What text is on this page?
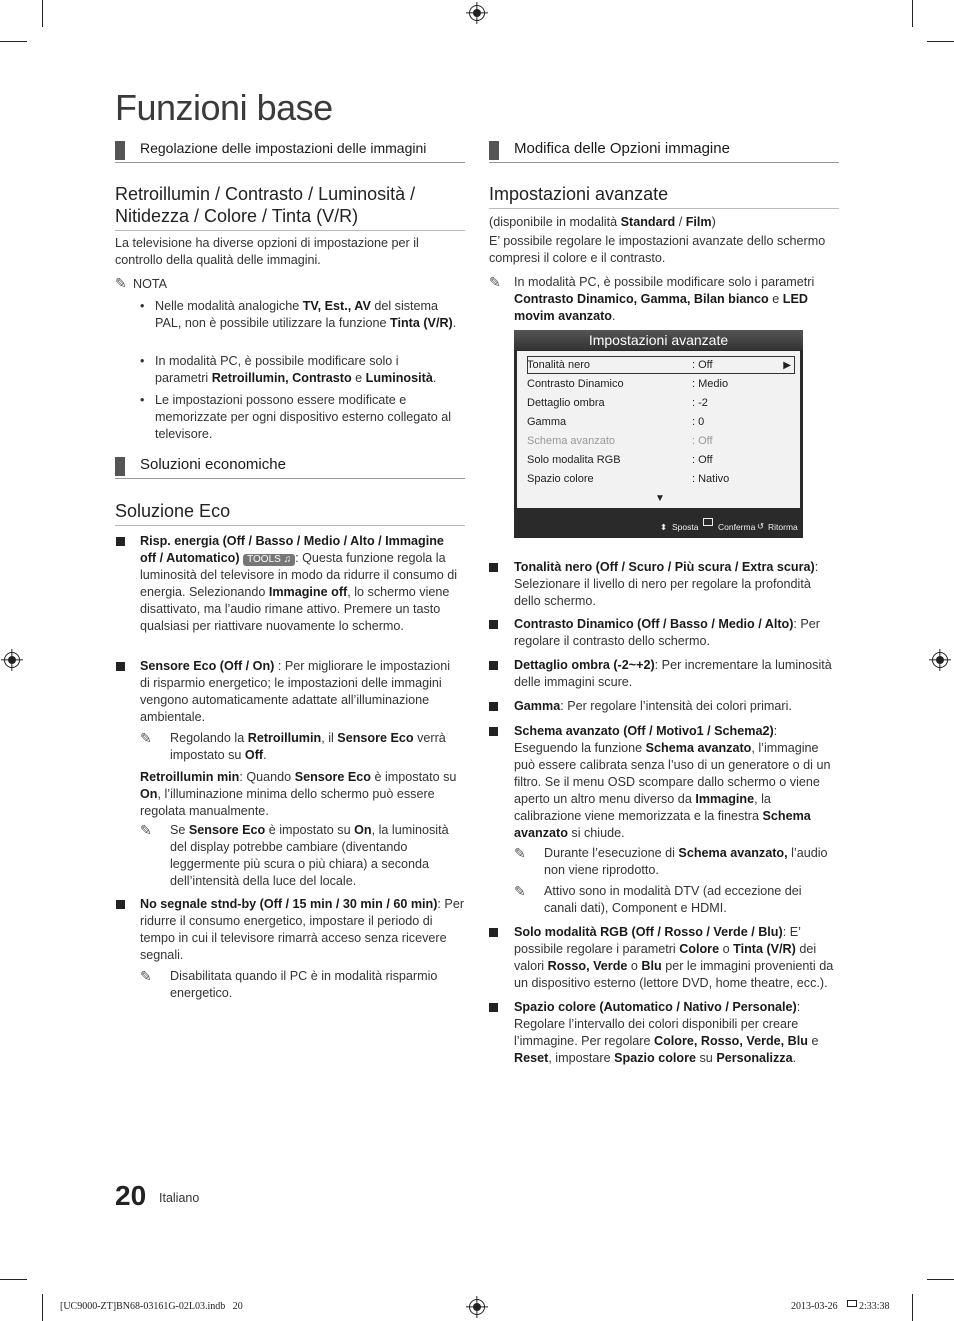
Funzioni base
Regolazione delle impostazioni delle immagini
Retroillumin / Contrasto / Luminosità /
Nitidezza / Colore / Tinta (V/R)
La televisione ha diverse opzioni di impostazione per il controllo della qualità delle immagini.
✎ NOTA
• Nelle modalità analogiche TV, Est., AV del sistema PAL, non è possibile utilizzare la funzione Tinta (V/R).
• In modalità PC, è possibile modificare solo i parametri Retroillumin, Contrasto e Luminosità.
• Le impostazioni possono essere modificate e memorizzate per ogni dispositivo esterno collegato al televisore.
Soluzioni economiche
Soluzione Eco
Risp. energia (Off / Basso / Medio / Alto / Immagine off / Automatico) TOOLS ♫ : Questa funzione regola la luminosità del televisore in modo da ridurre il consumo di energia. Selezionando Immagine off, lo schermo viene disattivato, ma l’audio rimane attivo. Premere un tasto qualsiasi per riattivare nuovamente lo schermo.
Sensore Eco (Off / On) : Per migliorare le impostazioni di risparmio energetico; le impostazioni delle immagini vengono automaticamente adattate all’illuminazione ambientale.
✎	Regolando la Retroillumin, il Sensore Eco verrà impostato su Off.
Retroillumin min: Quando Sensore Eco è impostato su On, l’illuminazione minima dello schermo può essere regolata manualmente.
✎	Se Sensore Eco è impostato su On, la luminosità del display potrebbe cambiare (diventando leggermente più scura o più chiara) a seconda dell’intensità della luce del locale.
No segnale stnd-by (Off / 15 min / 30 min / 60 min): Per ridurre il consumo energetico, impostare il periodo di tempo in cui il televisore rimarrà acceso senza ricevere segnali.
✎	Disabilitata quando il PC è in modalità risparmio energetico.
Modifica delle Opzioni immagine
Impostazioni avanzate
(disponibile in modalità Standard / Film)
E’ possibile regolare le impostazioni avanzate dello schermo compresi il colore e il contrasto.
✎	In modalità PC, è possibile modificare solo i parametri Contrasto Dinamico, Gamma, Bilan bianco e LED movim avanzato.
Impostazioni avanzate
Tonalità nero	: Off	▶
Contrasto Dinamico	: Medio
Dettaglio ombra	: -2
Gamma	: 0
Schema avanzato	: Off
Solo modalita RGB	: Off
Spazio colore	: Nativo
▼
⬍ Sposta Conferma ↺ Ritorma
Tonalità nero (Off / Scuro / Più scura / Extra scura): Selezionare il livello di nero per regolare la profondità dello schermo.
Contrasto Dinamico (Off / Basso / Medio / Alto): Per regolare il contrasto dello schermo.
Dettaglio ombra (-2~+2): Per incrementare la luminosità delle immagini scure.
Gamma: Per regolare l’intensità dei colori primari.
Schema avanzato (Off / Motivo1 / Schema2): Eseguendo la funzione Schema avanzato, l’immagine può essere calibrata senza l’uso di un generatore o di un filtro. Se il menu OSD scompare dallo schermo o viene aperto un altro menu diverso da Immagine, la calibrazione viene memorizzata e la finestra Schema avanzato si chiude.
✎	Durante l’esecuzione di Schema avanzato, l’audio non viene riprodotto.
✎	Attivo sono in modalità DTV (ad eccezione dei canali dati), Component e HDMI.
Solo modalità RGB (Off / Rosso / Verde / Blu): E’ possibile regolare i parametri Colore o Tinta (V/R) dei valori Rosso, Verde o Blu per le immagini provenienti da un dispositivo esterno (lettore DVD, home theatre, ecc.).
Spazio colore (Automatico / Nativo / Personale): Regolare l’intervallo dei colori disponibili per creare l’immagine. Per regolare Colore, Rosso, Verde, Blu e Reset, impostare Spazio colore su Personalizza.
20 Italiano
[UC9000-ZT]BN68-03161G-02L03.indb   20	2013-03-26 2:33:38
